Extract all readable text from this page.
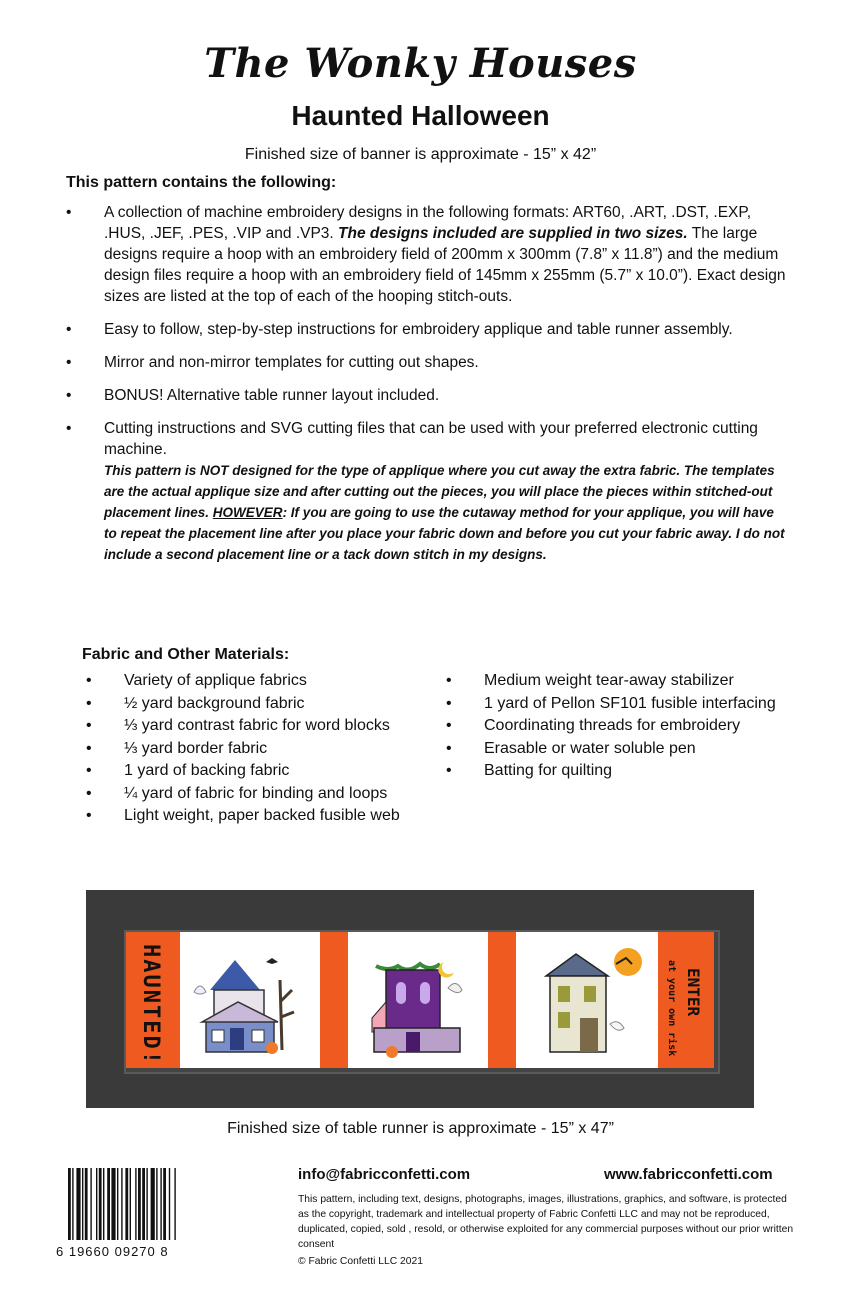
The Wonky Houses
Haunted Halloween
Finished size of banner is approximate - 15” x 42”
This pattern contains the following:
• A collection of machine embroidery designs in the following formats: ART60, .ART, .DST, .EXP, .HUS, .JEF, .PES, .VIP and .VP3. The designs included are supplied in two sizes. The large designs require a hoop with an embroidery field of 200mm x 300mm (7.8” x 11.8”) and the medium design files require a hoop with an embroidery field of 145mm x 255mm (5.7” x 10.0”). Exact design sizes are listed at the top of each of the hooping stitch-outs.
• Easy to follow, step-by-step instructions for embroidery applique and table runner assembly.
• Mirror and non-mirror templates for cutting out shapes.
• BONUS! Alternative table runner layout included.
• Cutting instructions and SVG cutting files that can be used with your preferred electronic cutting machine.
This pattern is NOT designed for the type of applique where you cut away the extra fabric. The templates are the actual applique size and after cutting out the pieces, you will place the pieces within stitched-out placement lines. HOWEVER: If you are going to use the cutaway method for your applique, you will have to repeat the placement line after you place your fabric down and before you cut your fabric away. I do not include a second placement line or a tack down stitch in my designs.
Fabric and Other Materials:
• Variety of applique fabrics
• ½ yard background fabric
• ⅓ yard contrast fabric for word blocks
• ⅓ yard border fabric
• 1 yard of backing fabric
• ¼ yard of fabric for binding and loops
• Light weight, paper backed fusible web
• Medium weight tear-away stabilizer
• 1 yard of Pellon SF101 fusible interfacing
• Coordinating threads for embroidery
• Erasable or water soluble pen
• Batting for quilting
HAUNTED!	ENTER
at your own risk
Finished size of table runner is approximate - 15” x 47”
6 19660 09270 8
info@fabricconfetti.com	www.fabricconfetti.com
This pattern, including text, designs, photographs, images, illustrations, graphics, and software, is protected as the copyright, trademark and intellectual property of Fabric Confetti LLC and may not be reproduced, duplicated, copied, sold , resold, or otherwise exploited for any commercial purposes without our prior written consent
© Fabric Confetti LLC 2021
